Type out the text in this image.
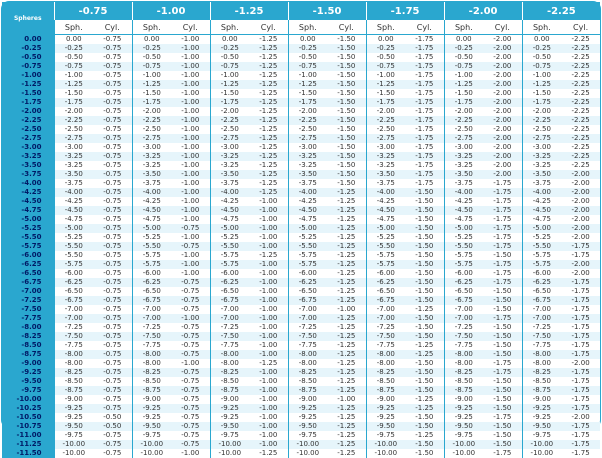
Spheres	-0.75		-1.00		-1.25		-1.50		-1.75		-2.00		-2.25	
	Sph.	Cyl.	Sph.	Cyl.	Sph.	Cyl.	Sph.	Cyl.	Sph.	Cyl.	Sph.	Cyl.	Sph.	Cyl.
0.00	0.00	-0.75	0.00	-1.00	0.00	-1.25	0.00	-1.50	0.00	-1.75	0.00	-2.00	0.00	-2.25
-0.25	-0.25	-0.75	-0.25	-1.00	-0.25	-1.25	-0.25	-1.50	-0.25	-1.75	-0.25	-2.00	-0.25	-2.25
-0.50	-0.50	-0.75	-0.50	-1.00	-0.50	-1.25	-0.50	-1.50	-0.50	-1.75	-0.50	-2.00	-0.50	-2.25
-0.75	-0.75	-0.75	-0.75	-1.00	-0.75	-1.25	-0.75	-1.50	-0.75	-1.75	-0.75	-2.00	-0.75	-2.25
-1.00	-1.00	-0.75	-1.00	-1.00	-1.00	-1.25	-1.00	-1.50	-1.00	-1.75	-1.00	-2.00	-1.00	-2.25
-1.25	-1.25	-0.75	-1.25	-1.00	-1.25	-1.25	-1.25	-1.50	-1.25	-1.75	-1.25	-2.00	-1.25	-2.25
-1.50	-1.50	-0.75	-1.50	-1.00	-1.50	-1.25	-1.50	-1.50	-1.50	-1.75	-1.50	-2.00	-1.50	-2.25
-1.75	-1.75	-0.75	-1.75	-1.00	-1.75	-1.25	-1.75	-1.50	-1.75	-1.75	-1.75	-2.00	-1.75	-2.25
-2.00	-2.00	-0.75	-2.00	-1.00	-2.00	-1.25	-2.00	-1.50	-2.00	-1.75	-2.00	-2.00	-2.00	-2.25
-2.25	-2.25	-0.75	-2.25	-1.00	-2.25	-1.25	-2.25	-1.50	-2.25	-1.75	-2.25	-2.00	-2.25	-2.25
-2.50	-2.50	-0.75	-2.50	-1.00	-2.50	-1.25	-2.50	-1.50	-2.50	-1.75	-2.50	-2.00	-2.50	-2.25
-2.75	-2.75	-0.75	-2.75	-1.00	-2.75	-1.25	-2.75	-1.50	-2.75	-1.75	-2.75	-2.00	-2.75	-2.25
-3.00	-3.00	-0.75	-3.00	-1.00	-3.00	-1.25	-3.00	-1.50	-3.00	-1.75	-3.00	-2.00	-3.00	-2.25
-3.25	-3.25	-0.75	-3.25	-1.00	-3.25	-1.25	-3.25	-1.50	-3.25	-1.75	-3.25	-2.00	-3.25	-2.25
-3.50	-3.25	-0.75	-3.25	-1.00	-3.25	-1.25	-3.25	-1.50	-3.25	-1.75	-3.25	-2.00	-3.25	-2.25
-3.75	-3.50	-0.75	-3.50	-1.00	-3.50	-1.25	-3.50	-1.50	-3.50	-1.75	-3.50	-2.00	-3.50	-2.00
-4.00	-3.75	-0.75	-3.75	-1.00	-3.75	-1.25	-3.75	-1.50	-3.75	-1.75	-3.75	-1.75	-3.75	-2.00
-4.25	-4.00	-0.75	-4.00	-1.00	-4.00	-1.25	-4.00	-1.25	-4.00	-1.50	-4.00	-1.75	-4.00	-2.00
-4.50	-4.25	-0.75	-4.25	-1.00	-4.25	-1.00	-4.25	-1.25	-4.25	-1.50	-4.25	-1.75	-4.25	-2.00
-4.75	-4.50	-0.75	-4.50	-1.00	-4.50	-1.00	-4.50	-1.25	-4.50	-1.50	-4.50	-1.75	-4.50	-2.00
-5.00	-4.75	-0.75	-4.75	-1.00	-4.75	-1.00	-4.75	-1.25	-4.75	-1.50	-4.75	-1.75	-4.75	-2.00
-5.25	-5.00	-0.75	-5.00	-0.75	-5.00	-1.00	-5.00	-1.25	-5.00	-1.50	-5.00	-1.75	-5.00	-2.00
-5.50	-5.25	-0.75	-5.25	-1.00	-5.25	-1.00	-5.25	-1.25	-5.25	-1.50	-5.25	-1.75	-5.25	-2.00
-5.75	-5.50	-0.75	-5.50	-0.75	-5.50	-1.00	-5.50	-1.25	-5.50	-1.50	-5.50	-1.75	-5.50	-1.75
-6.00	-5.50	-0.75	-5.75	-1.00	-5.75	-1.25	-5.75	-1.25	-5.75	-1.50	-5.75	-1.50	-5.75	-1.75
-6.25	-5.75	-0.75	-5.75	-1.00	-5.75	-1.00	-5.75	-1.25	-5.75	-1.50	-5.75	-1.75	-5.75	-2.00
-6.50	-6.00	-0.75	-6.00	-1.00	-6.00	-1.00	-6.00	-1.25	-6.00	-1.50	-6.00	-1.75	-6.00	-2.00
-6.75	-6.25	-0.75	-6.25	-0.75	-6.25	-1.00	-6.25	-1.25	-6.25	-1.50	-6.25	-1.75	-6.25	-1.75
-7.00	-6.50	-0.75	-6.50	-0.75	-6.50	-1.00	-6.50	-1.25	-6.50	-1.50	-6.50	-1.50	-6.50	-1.75
-7.25	-6.75	-0.75	-6.75	-0.75	-6.75	-1.00	-6.75	-1.25	-6.75	-1.50	-6.75	-1.50	-6.75	-1.75
-7.50	-7.00	-0.75	-7.00	-0.75	-7.00	-1.00	-7.00	-1.00	-7.00	-1.25	-7.00	-1.50	-7.00	-1.75
-7.75	-7.00	-0.75	-7.00	-1.00	-7.00	-1.00	-7.00	-1.25	-7.00	-1.50	-7.00	-1.75	-7.00	-1.75
-8.00	-7.25	-0.75	-7.25	-0.75	-7.25	-1.00	-7.25	-1.25	-7.25	-1.50	-7.25	-1.50	-7.25	-1.75
-8.25	-7.50	-0.75	-7.50	-0.75	-7.50	-1.00	-7.50	-1.25	-7.50	-1.50	-7.50	-1.50	-7.50	-1.75
-8.50	-7.75	-0.75	-7.75	-0.75	-7.75	-1.00	-7.75	-1.25	-7.75	-1.25	-7.75	-1.50	-7.75	-1.75
-8.75	-8.00	-0.75	-8.00	-0.75	-8.00	-1.00	-8.00	-1.25	-8.00	-1.25	-8.00	-1.50	-8.00	-1.75
-9.00	-8.00	-0.75	-8.00	-1.00	-8.00	-1.25	-8.00	-1.25	-8.00	-1.50	-8.00	-1.75	-8.00	-2.00
-9.25	-8.25	-0.75	-8.25	-0.75	-8.25	-1.00	-8.25	-1.25	-8.25	-1.50	-8.25	-1.75	-8.25	-1.75
-9.50	-8.50	-0.75	-8.50	-0.75	-8.50	-1.00	-8.50	-1.25	-8.50	-1.50	-8.50	-1.50	-8.50	-1.75
-9.75	-8.75	-0.75	-8.75	-0.75	-8.75	-1.00	-8.75	-1.25	-8.75	-1.50	-8.75	-1.50	-8.75	-1.75
-10.00	-9.00	-0.75	-9.00	-0.75	-9.00	-1.00	-9.00	-1.00	-9.00	-1.25	-9.00	-1.50	-9.00	-1.75
-10.25	-9.25	-0.75	-9.25	-0.75	-9.25	-1.00	-9.25	-1.25	-9.25	-1.25	-9.25	-1.50	-9.25	-1.75
-10.50	-9.25	-0.50	-9.25	-0.75	-9.25	-1.00	-9.25	-1.25	-9.25	-1.50	-9.25	-1.75	-9.25	-2.00
-10.75	-9.50	-0.50	-9.50	-0.75	-9.50	-1.00	-9.50	-1.25	-9.50	-1.50	-9.50	-1.50	-9.50	-1.75
-11.00	-9.75	-0.75	-9.75	-0.75	-9.75	-1.00	-9.75	-1.25	-9.75	-1.25	-9.75	-1.50	-9.75	-1.75
-11.25	-10.00	-0.75	-10.00	-0.75	-10.00	-1.00	-10.00	-1.25	-10.00	-1.50	-10.00	-1.50	-10.00	-1.75
-11.50	-10.00	-0.75	-10.00	-1.00	-10.00	-1.25	-10.00	-1.25	-10.00	-1.50	-10.00	-1.75	-10.00	-1.75
